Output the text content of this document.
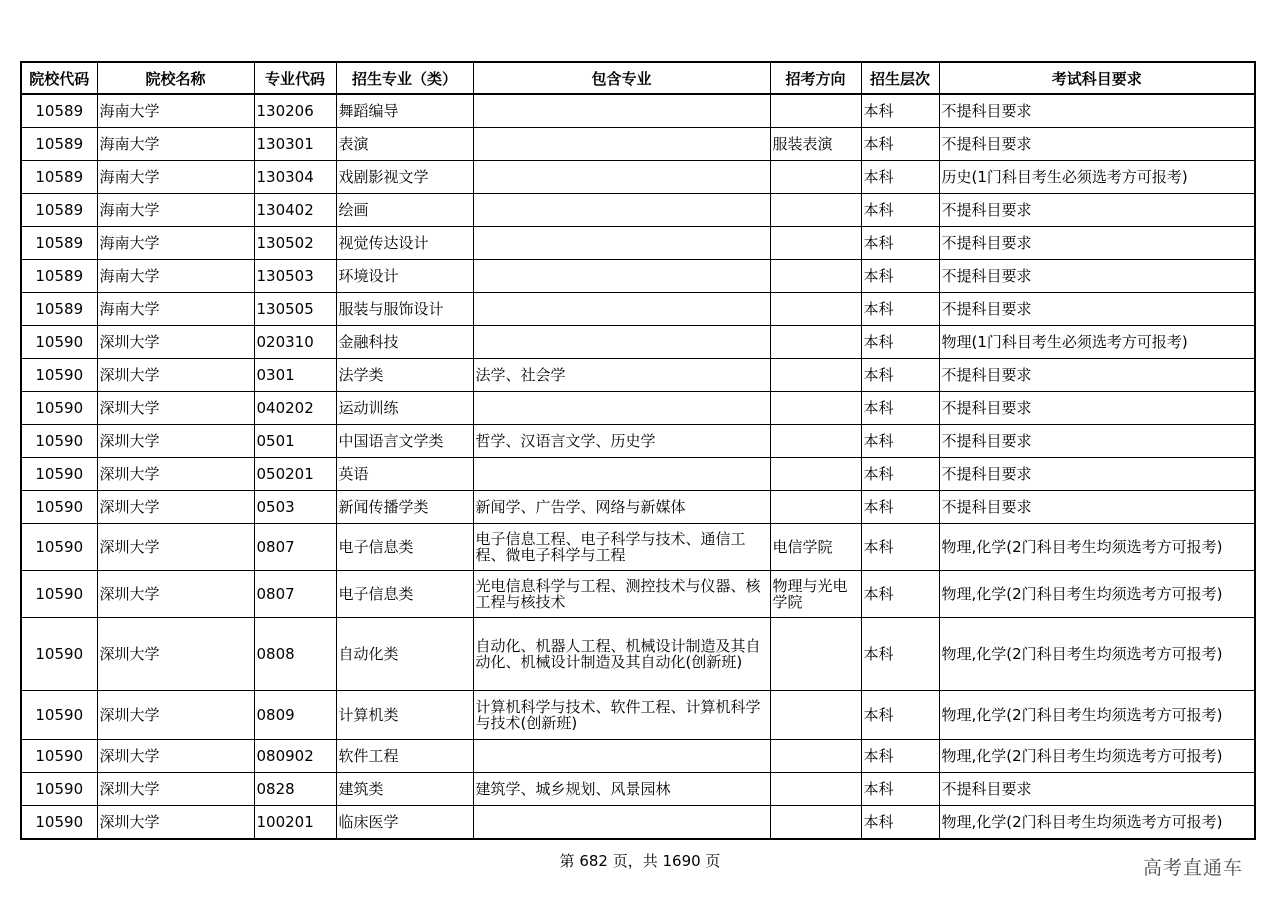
院校代码	院校名称	专业代码	招生专业（类）	包含专业	招考方向	招生层次	考试科目要求
10589	海南大学	130206	舞蹈编导			本科	不提科目要求
10589	海南大学	130301	表演		服装表演	本科	不提科目要求
10589	海南大学	130304	戏剧影视文学			本科	历史(1门科目考生必须选考方可报考)
10589	海南大学	130402	绘画			本科	不提科目要求
10589	海南大学	130502	视觉传达设计			本科	不提科目要求
10589	海南大学	130503	环境设计			本科	不提科目要求
10589	海南大学	130505	服装与服饰设计			本科	不提科目要求
10590	深圳大学	020310	金融科技			本科	物理(1门科目考生必须选考方可报考)
10590	深圳大学	0301	法学类	法学、社会学		本科	不提科目要求
10590	深圳大学	040202	运动训练			本科	不提科目要求
10590	深圳大学	0501	中国语言文学类	哲学、汉语言文学、历史学		本科	不提科目要求
10590	深圳大学	050201	英语			本科	不提科目要求
10590	深圳大学	0503	新闻传播学类	新闻学、广告学、网络与新媒体		本科	不提科目要求
10590	深圳大学	0807	电子信息类	电子信息工程、电子科学与技术、通信工程、微电子科学与工程	电信学院	本科	物理,化学(2门科目考生均须选考方可报考)
10590	深圳大学	0807	电子信息类	光电信息科学与工程、测控技术与仪器、核工程与核技术	物理与光电学院	本科	物理,化学(2门科目考生均须选考方可报考)
10590	深圳大学	0808	自动化类	自动化、机器人工程、机械设计制造及其自动化、机械设计制造及其自动化(创新班)		本科	物理,化学(2门科目考生均须选考方可报考)
10590	深圳大学	0809	计算机类	计算机科学与技术、软件工程、计算机科学与技术(创新班)		本科	物理,化学(2门科目考生均须选考方可报考)
10590	深圳大学	080902	软件工程			本科	物理,化学(2门科目考生均须选考方可报考)
10590	深圳大学	0828	建筑类	建筑学、城乡规划、风景园林		本科	不提科目要求
10590	深圳大学	100201	临床医学			本科	物理,化学(2门科目考生均须选考方可报考)
第 682 页，共 1690 页	高考直通车
